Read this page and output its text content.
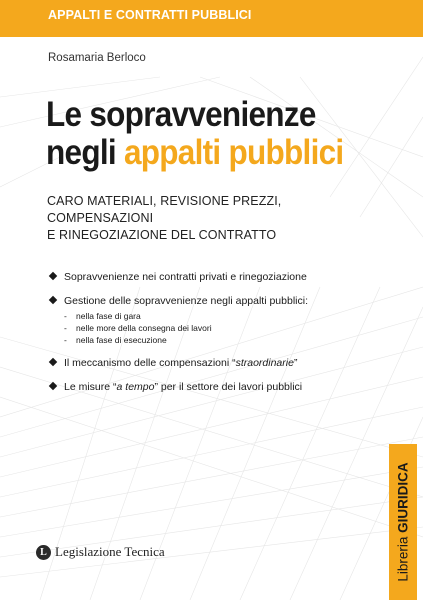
APPALTI E CONTRATTI PUBBLICI
Rosamaria Berloco
Le sopravvenienze
negli appalti pubblici

CARO MATERIALI, REVISIONE PREZZI, COMPENSAZIONI
E RINEGOZIAZIONE DEL CONTRATTO

Sopravvenienze nei contratti privati e rinegoziazione
Gestione delle sopravvenienze negli appalti pubblici:
- nella fase di gara
- nelle more della consegna dei lavori
- nella fase di esecuzione
Il meccanismo delle compensazioni “straordinarie”
Le misure “a tempo” per il settore dei lavori pubblici
L Legislazione Tecnica	Libreria GIURIDICA
